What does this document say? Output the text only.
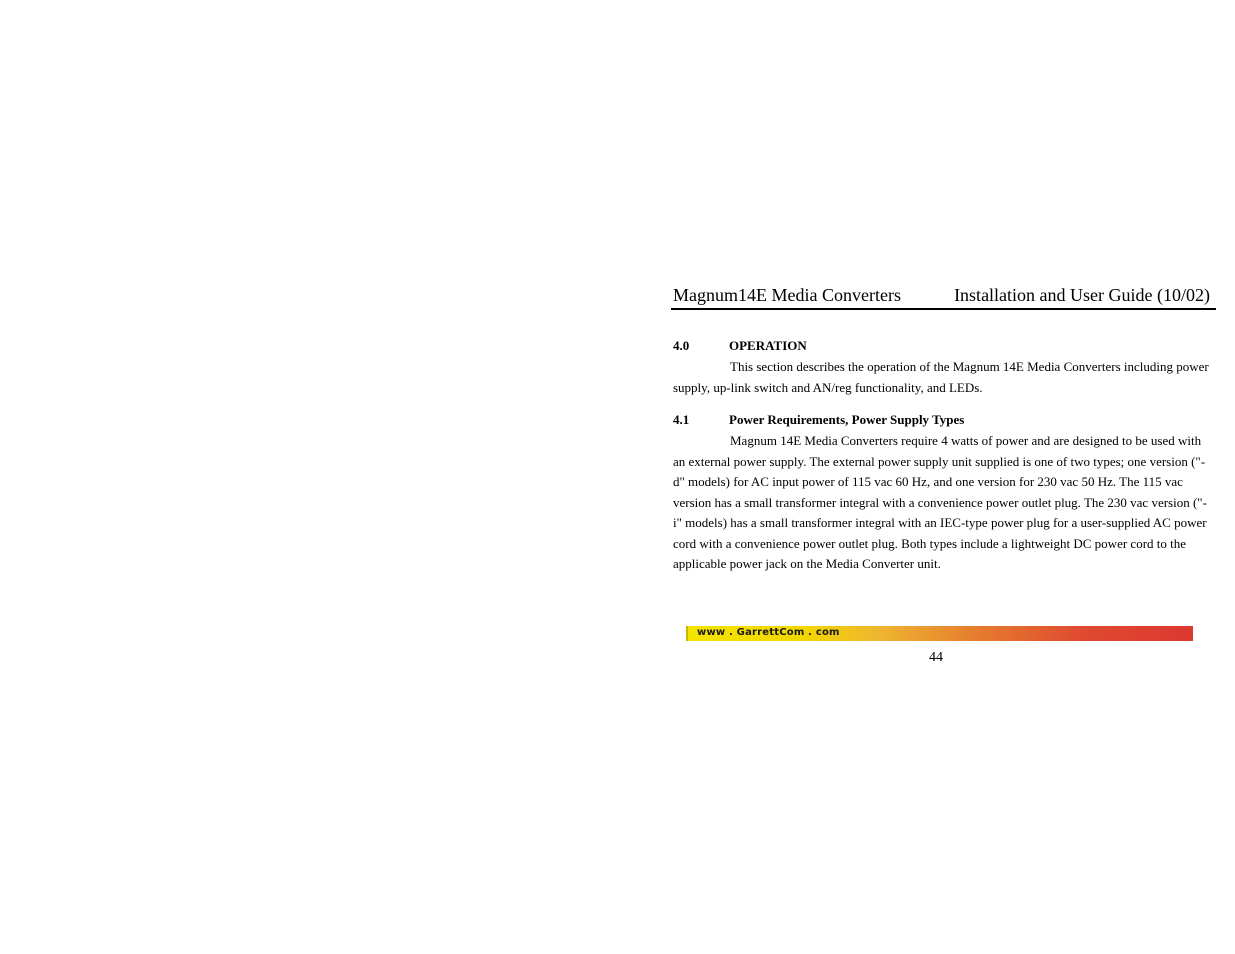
Magnum14E Media Converters	Installation and User Guide (10/02)
4.0	OPERATION

This section describes the operation of the Magnum 14E Media Converters including power supply, up-link switch and AN/reg functionality, and LEDs.

4.1	Power Requirements, Power Supply Types

Magnum 14E Media Converters require 4 watts of power and are designed to be used with an external power supply. The external power supply unit supplied is one of two types; one version ("-d" models) for AC input power of 115 vac 60 Hz, and one version for 230 vac 50 Hz. The 115 vac version has a small transformer integral with a convenience power outlet plug. The 230 vac version ("-i" models) has a small transformer integral with an IEC-type power plug for a user-supplied AC power cord with a convenience power outlet plug. Both types include a lightweight DC power cord to the applicable power jack on the Media Converter unit.

www . GarrettCom . com
44
